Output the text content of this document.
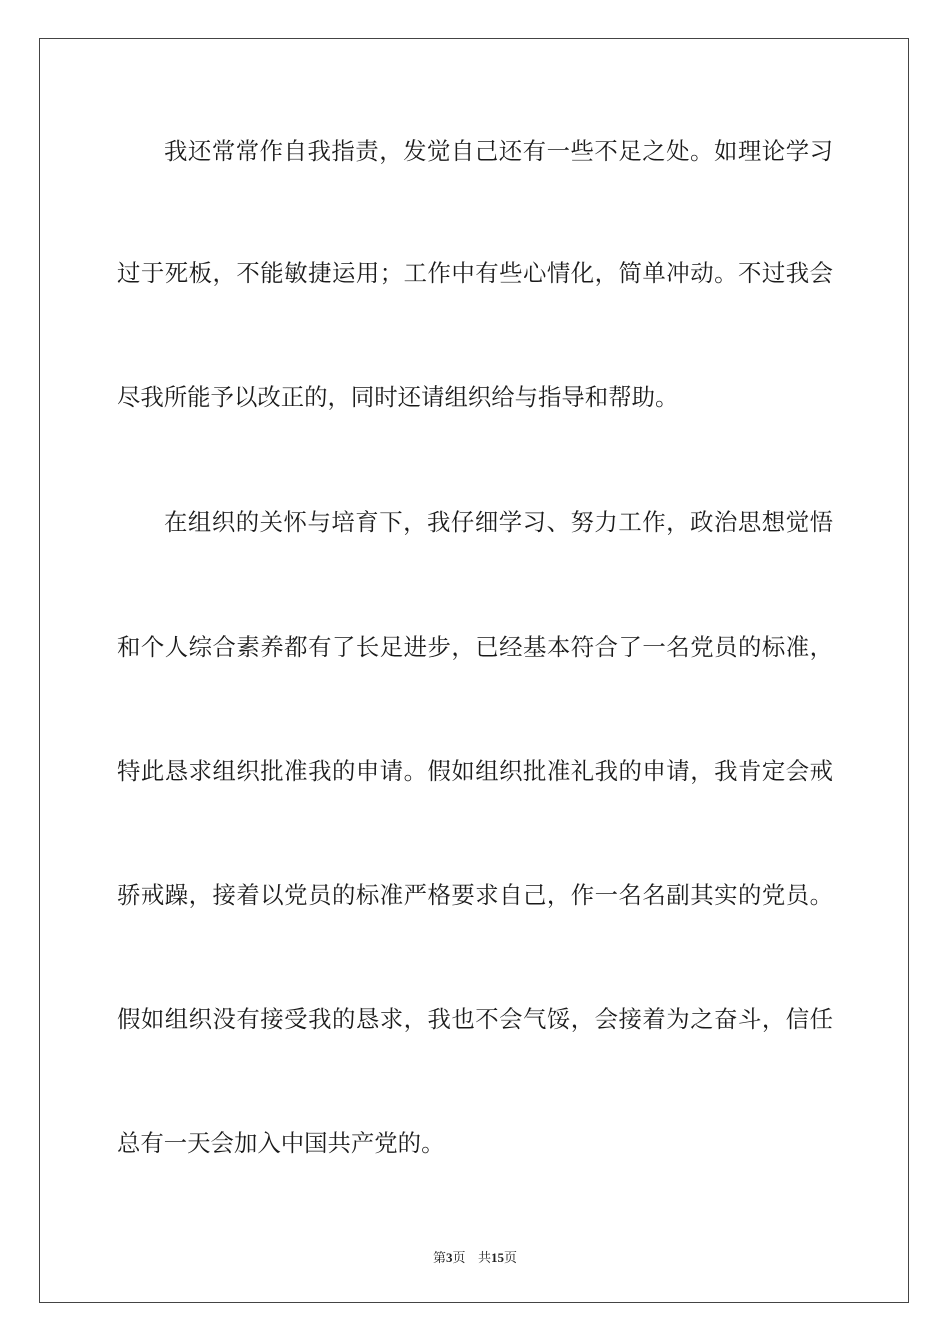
我还常常作自我指责，发觉自己还有一些不足之处。如理论学习
过于死板，不能敏捷运用；工作中有些心情化，简单冲动。不过我会
尽我所能予以改正的，同时还请组织给与指导和帮助。
在组织的关怀与培育下，我仔细学习、努力工作，政治思想觉悟
和个人综合素养都有了长足进步，已经基本符合了一名党员的标准，
特此恳求组织批准我的申请。假如组织批准礼我的申请，我肯定会戒
骄戒躁，接着以党员的标准严格要求自己，作一名名副其实的党员。
假如组织没有接受我的恳求，我也不会气馁，会接着为之奋斗，信任
总有一天会加入中国共产党的。
第3页 共15页
